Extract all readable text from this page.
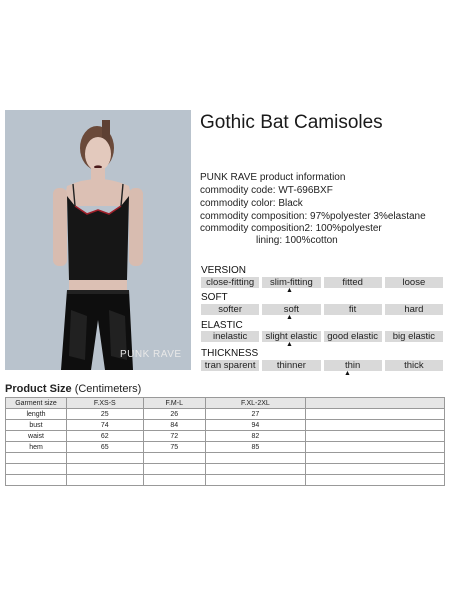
PUNK RAVE
Gothic Bat Camisoles
PUNK RAVE product information
commodity code: WT-696BXF
commodity color: Black
commodity composition: 97%polyester 3%elastane
commodity composition2: 100%polyester
lining: 100%cotton
VERSION
close-fitting	slim-fitting	fitted	loose
▲
SOFT
softer	soft	fit	hard
▲
ELASTIC
inelastic	slight elastic	good elastic	big elastic
▲
THICKNESS
tran sparent	thinner	thin	thick
▲
Product Size (Centimeters)
Garment size	F.XS-S	F.M-L	F.XL-2XL	
length	25	26	27	
bust	74	84	94	
waist	62	72	82	
hem	65	75	85	
